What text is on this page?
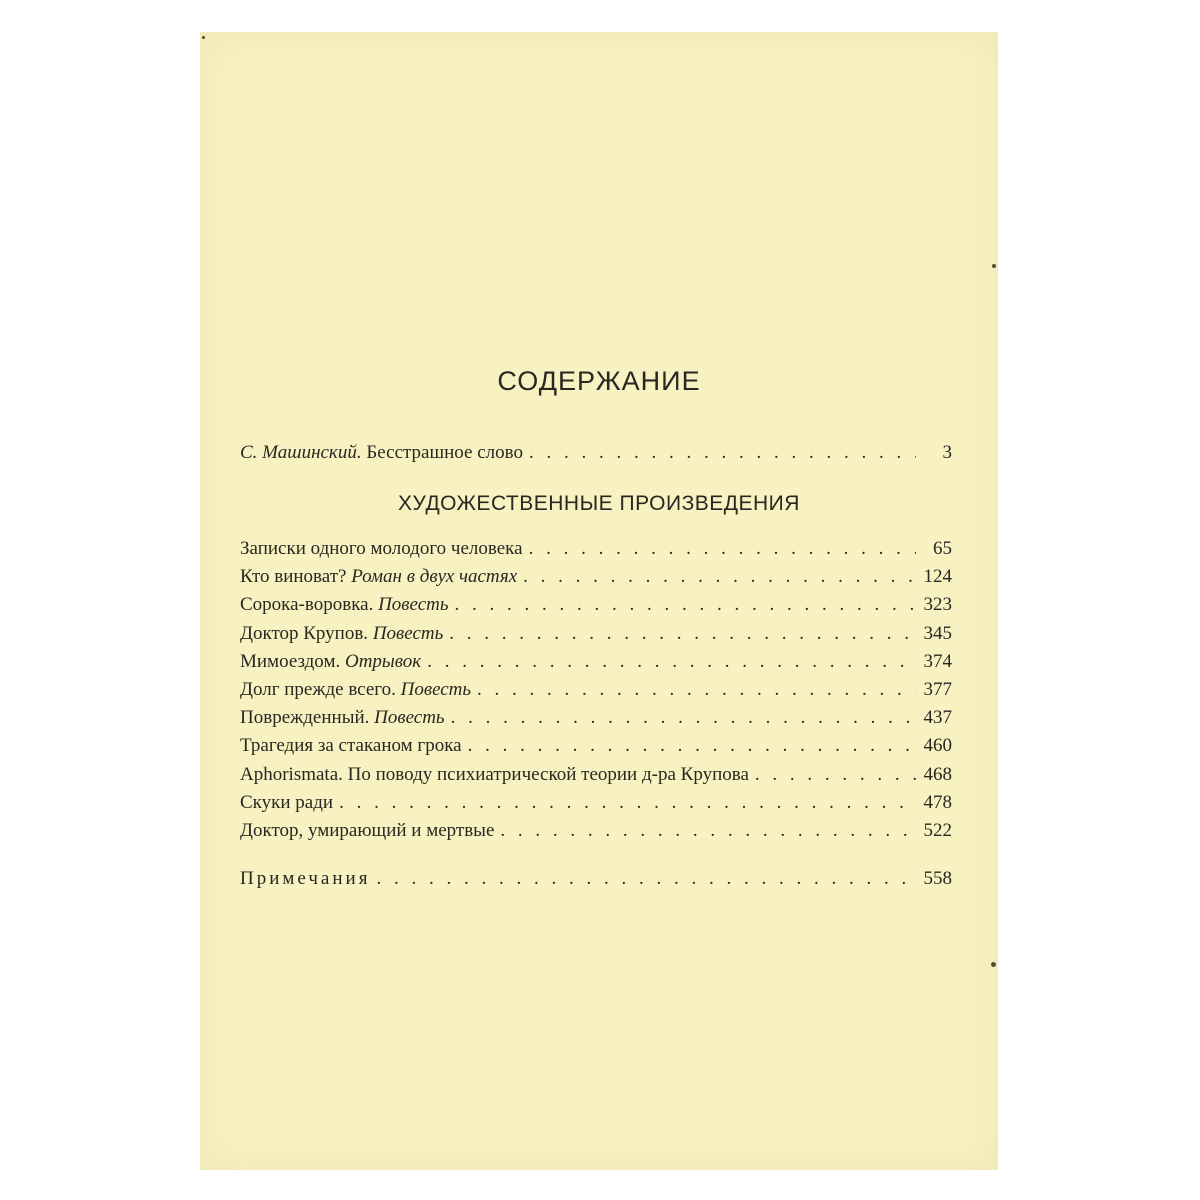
СОДЕРЖАНИЕ
С. Машинский. Бесстрашное слово . . .	3
ХУДОЖЕСТВЕННЫЕ ПРОИЗВЕДЕНИЯ
Записки одного молодого человека . . .	65
Кто виноват? Роман в двух частях . . .	124
Сорока-воровка. Повесть . . .	323
Доктор Крупов. Повесть . . .	345
Мимоездом. Отрывок . . .	374
Долг прежде всего. Повесть . . .	377
Поврежденный. Повесть . . .	437
Трагедия за стаканом грока . . .	460
Aphorismata. По поводу психиатрической теории д-ра Крупова . . .	468
Скуки ради . . .	478
Доктор, умирающий и мертвые . . .	522
Примечания . . .	558
